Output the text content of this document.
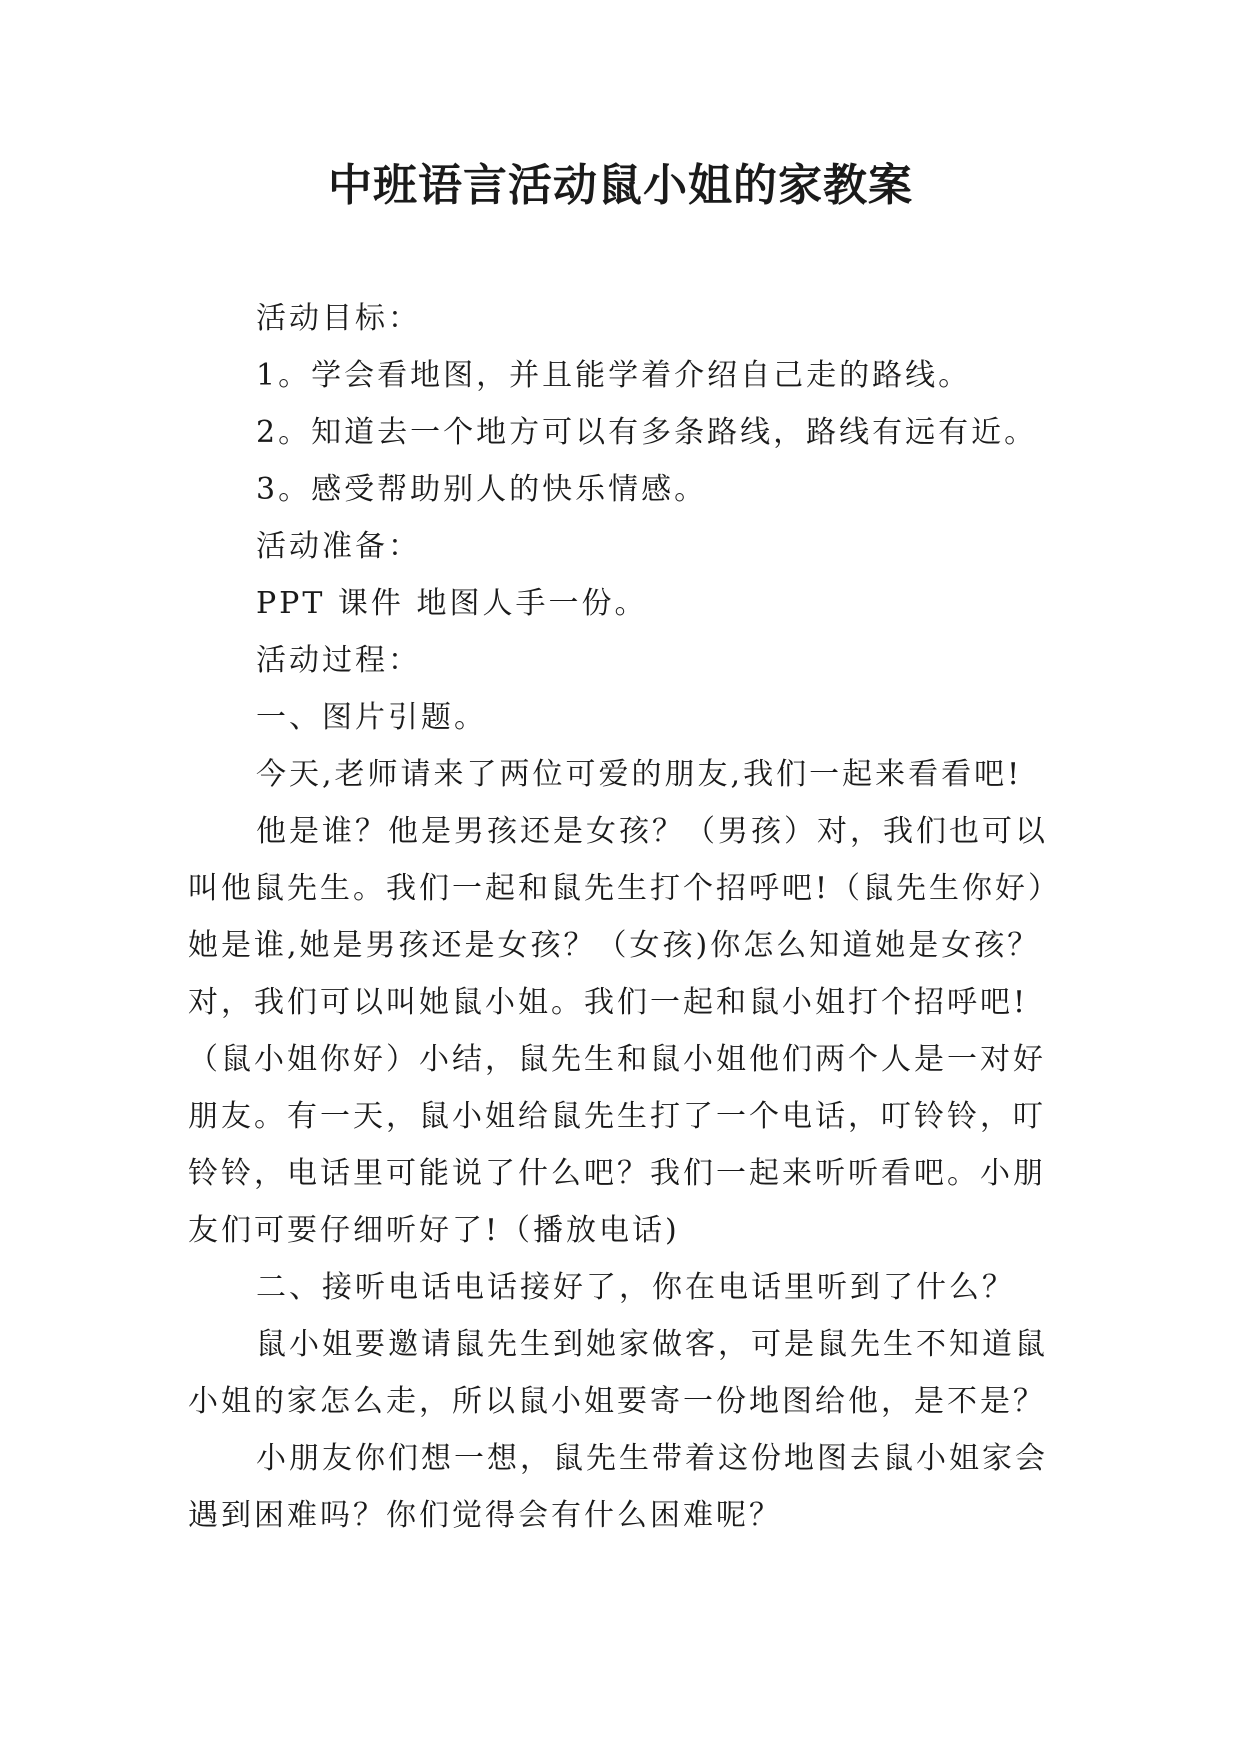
中班语言活动鼠小姐的家教案
活动目标：
1。学会看地图，并且能学着介绍自己走的路线。
2。知道去一个地方可以有多条路线，路线有远有近。
3。感受帮助别人的快乐情感。
活动准备：
PPT 课件 地图人手一份。
活动过程：
一、图片引题。
今天,老师请来了两位可爱的朋友,我们一起来看看吧!
他是谁？他是男孩还是女孩？（男孩）对，我们也可以
叫他鼠先生。我们一起和鼠先生打个招呼吧!（鼠先生你好）
她是谁,她是男孩还是女孩？（女孩)你怎么知道她是女孩？
对，我们可以叫她鼠小姐。我们一起和鼠小姐打个招呼吧!
（鼠小姐你好）小结，鼠先生和鼠小姐他们两个人是一对好
朋友。有一天，鼠小姐给鼠先生打了一个电话，叮铃铃，叮
铃铃，电话里可能说了什么吧？我们一起来听听看吧。小朋
友们可要仔细听好了!（播放电话)
二、接听电话电话接好了，你在电话里听到了什么？
鼠小姐要邀请鼠先生到她家做客，可是鼠先生不知道鼠
小姐的家怎么走，所以鼠小姐要寄一份地图给他，是不是？
小朋友你们想一想，鼠先生带着这份地图去鼠小姐家会
遇到困难吗？你们觉得会有什么困难呢？
